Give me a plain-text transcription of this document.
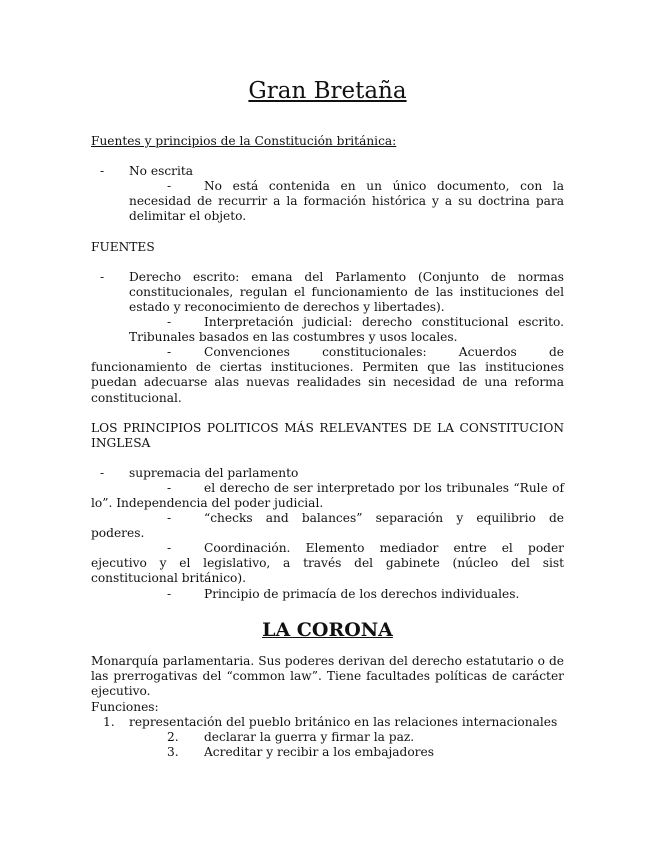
Gran Bretaña
Fuentes y principios de la Constitución británica:
- No escrita
-	No está contenida en un único documento, con la necesidad de recurrir a la formación histórica y a su doctrina para delimitar el objeto.
FUENTES
- Derecho escrito: emana del Parlamento (Conjunto de normas constitucionales, regulan el funcionamiento de las instituciones del estado y reconocimiento de derechos y libertades).
-	Interpretación judicial: derecho constitucional escrito. Tribunales basados en las costumbres y usos locales.
-	Convenciones constitucionales: Acuerdos de funcionamiento de ciertas instituciones. Permiten que las instituciones puedan adecuarse alas nuevas realidades sin necesidad de una reforma constitucional.
LOS PRINCIPIOS POLITICOS MÁS RELEVANTES DE LA CONSTITUCION INGLESA
- supremacia del parlamento
-	el derecho de ser interpretado por los tribunales “Rule of lo”. Independencia del poder judicial.
-	“checks and balances” separación y equilibrio de poderes.
-	Coordinación. Elemento mediador entre el poder ejecutivo y el legislativo, a través del gabinete (núcleo del sist constitucional británico).
-	Principio de primacía de los derechos individuales.
LA CORONA
Monarquía parlamentaria. Sus poderes derivan del derecho estatutario o de las prerrogativas del “common law”. Tiene facultades políticas de carácter ejecutivo.
Funciones:
1. representación del pueblo británico en las relaciones internacionales
2. declarar la guerra y firmar la paz.
3. Acreditar y recibir a los embajadores
